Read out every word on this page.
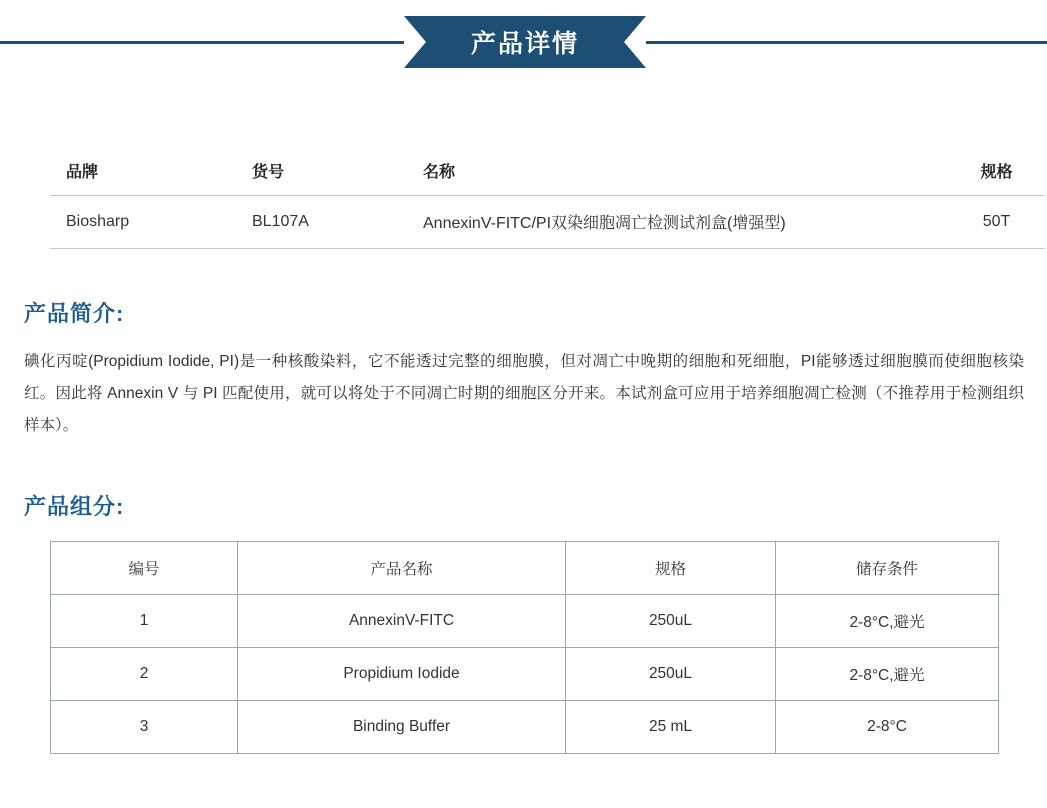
产品详情
品牌	货号	名称	规格
Biosharp	BL107A	AnnexinV-FITC/PI双染细胞凋亡检测试剂盒(增强型)	50T
产品简介:

碘化丙啶(Propidium Iodide, PI)是一种核酸染料，它不能透过完整的细胞膜，但对凋亡中晚期的细胞和死细胞，PI能够透过细胞膜而使细胞核染红。因此将 Annexin V 与 PI 匹配使用，就可以将处于不同凋亡时期的细胞区分开来。本试剂盒可应用于培养细胞凋亡检测（不推荐用于检测组织样本）。

产品组分:
编号	产品名称	规格	储存条件
1	AnnexinV-FITC	250uL	2-8°C,避光
2	Propidium Iodide	250uL	2-8°C,避光
3	Binding Buffer	25 mL	2-8°C
